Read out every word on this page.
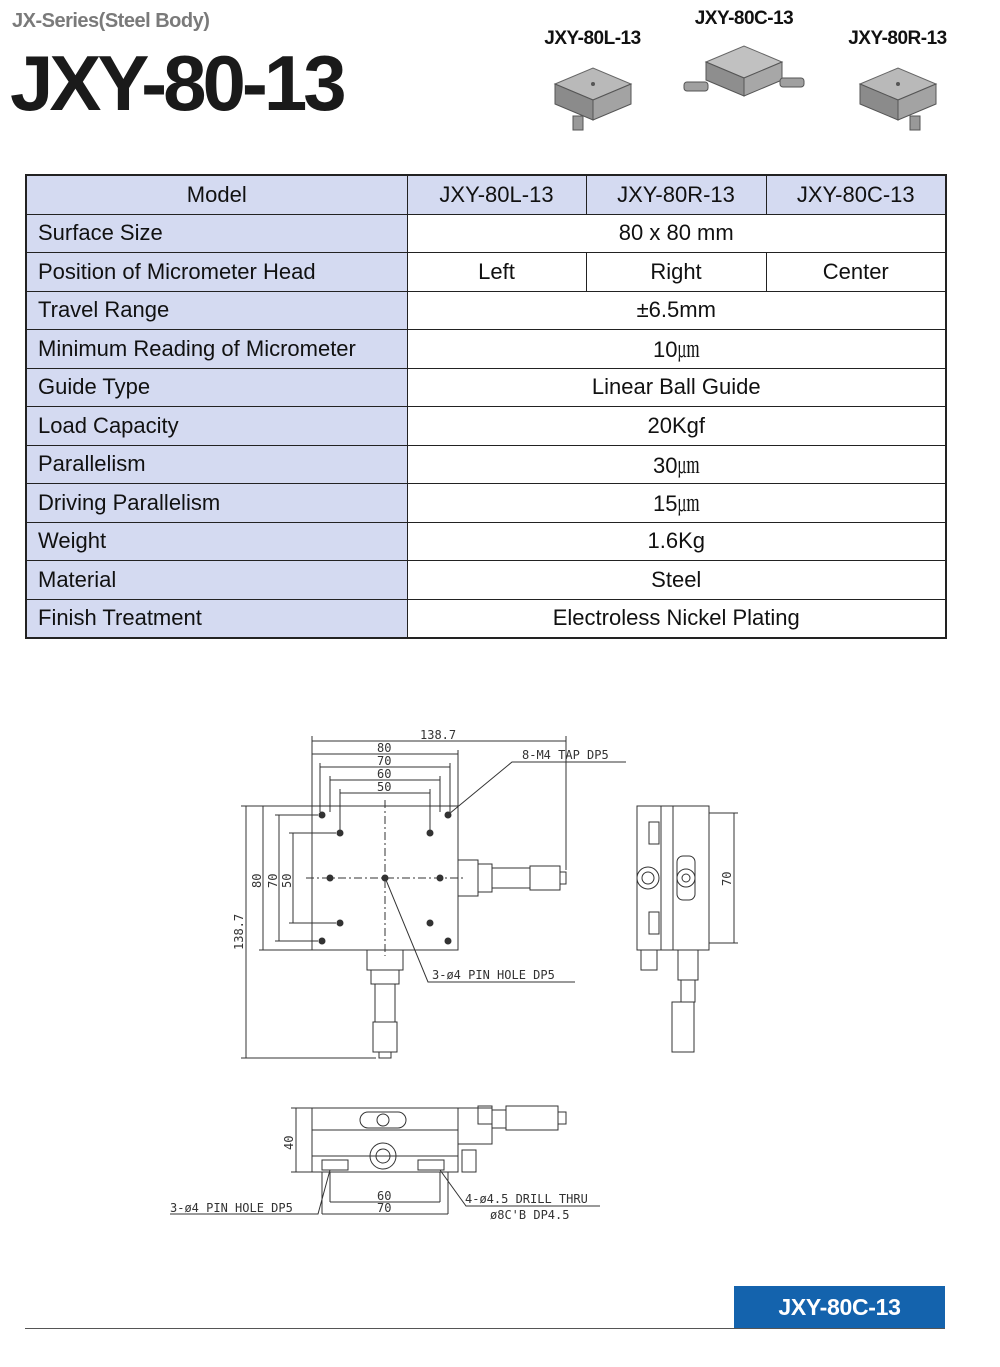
JX-Series(Steel Body)
JXY-80-13
JXY-80L-13
JXY-80C-13
JXY-80R-13
Model	JXY-80L-13	JXY-80R-13	JXY-80C-13
Surface Size	80 x 80 mm		
Position of Micrometer Head	Left	Right	Center
Travel Range	±6.5mm		
Minimum Reading of Micrometer	10㎛		
Guide Type	Linear Ball Guide		
Load Capacity	20Kgf		
Parallelism	30㎛		
Driving Parallelism	15㎛		
Weight	1.6Kg		
Material	Steel		
Finish Treatment	Electroless Nickel Plating		
138.7
80
70
60
50
80 70 50
138.7
8-M4 TAP DP5
3-ø4 PIN HOLE DP5
70
40
60
70
3-ø4 PIN HOLE DP5
4-ø4.5 DRILL THRU
ø8C'B DP4.5
JXY-80C-13
